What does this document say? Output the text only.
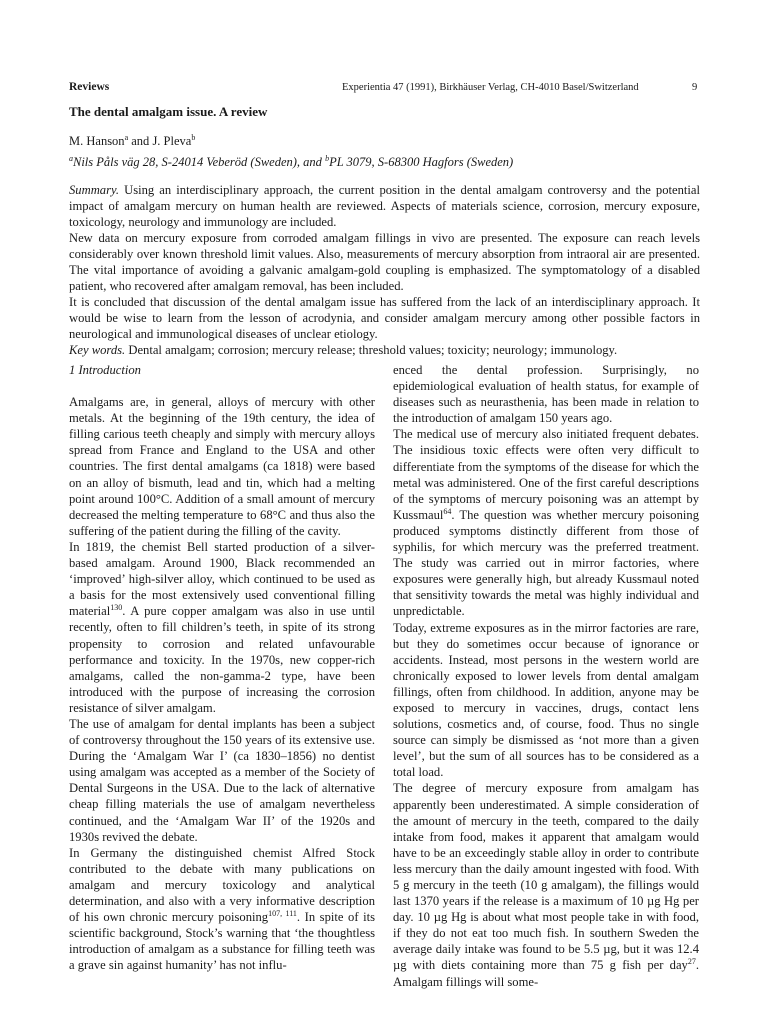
Reviews	Experientia 47 (1991), Birkhäuser Verlag, CH-4010 Basel/Switzerland	9
The dental amalgam issue. A review
M. Hanson$^a$ and J. Pleva$^b$
$^a$Nils Påls väg 28, S-24014 Veberöd (Sweden), and $^b$PL 3079, S-68300 Hagfors (Sweden)

Summary. Using an interdisciplinary approach, the current position in the dental amalgam controversy and the potential impact of amalgam mercury on human health are reviewed. Aspects of materials science, corrosion, mercury exposure, toxicology, neurology and immunology are included.

New data on mercury exposure from corroded amalgam fillings in vivo are presented. The exposure can reach levels considerably over known threshold limit values. Also, measurements of mercury absorption from intraoral air are presented. The vital importance of avoiding a galvanic amalgam-gold coupling is emphasized. The symptomatology of a disabled patient, who recovered after amalgam removal, has been included.

It is concluded that discussion of the dental amalgam issue has suffered from the lack of an interdisciplinary approach. It would be wise to learn from the lesson of acrodynia, and consider amalgam mercury among other possible factors in neurological and immunological diseases of unclear etiology.

Key words. Dental amalgam; corrosion; mercury release; threshold values; toxicity; neurology; immunology.

1 Introduction

Amalgams are, in general, alloys of mercury with other metals. At the beginning of the 19th century, the idea of filling carious teeth cheaply and simply with mercury alloys spread from France and England to the USA and other countries. The first dental amalgams (ca 1818) were based on an alloy of bismuth, lead and tin, which had a melting point around 100°C. Addition of a small amount of mercury decreased the melting temperature to 68°C and thus also the suffering of the patient during the filling of the cavity.

In 1819, the chemist Bell started production of a silver-based amalgam. Around 1900, Black recommended an ‘improved’ high-silver alloy, which continued to be used as a basis for the most extensively used conventional filling material$^{130}$. A pure copper amalgam was also in use until recently, often to fill children’s teeth, in spite of its strong propensity to corrosion and related unfavourable performance and toxicity. In the 1970s, new copper-rich amalgams, called the non-gamma-2 type, have been introduced with the purpose of increasing the corrosion resistance of silver amalgam.

The use of amalgam for dental implants has been a subject of controversy throughout the 150 years of its extensive use. During the ‘Amalgam War I’ (ca 1830–1856) no dentist using amalgam was accepted as a member of the Society of Dental Surgeons in the USA. Due to the lack of alternative cheap filling materials the use of amalgam nevertheless continued, and the ‘Amalgam War II’ of the 1920s and 1930s revived the debate.

In Germany the distinguished chemist Alfred Stock contributed to the debate with many publications on amalgam and mercury toxicology and analytical determination, and also with a very informative description of his own chronic mercury poisoning$^{107, 111}$. In spite of its scientific background, Stock’s warning that ‘the thoughtless introduction of amalgam as a substance for filling teeth was a grave sin against humanity’ has not influ-

enced the dental profession. Surprisingly, no epidemiological evaluation of health status, for example of diseases such as neurasthenia, has been made in relation to the introduction of amalgam 150 years ago.

The medical use of mercury also initiated frequent debates. The insidious toxic effects were often very difficult to differentiate from the symptoms of the disease for which the metal was administered. One of the first careful descriptions of the symptoms of mercury poisoning was an attempt by Kussmaul$^{64}$. The question was whether mercury poisoning produced symptoms distinctly different from those of syphilis, for which mercury was the preferred treatment. The study was carried out in mirror factories, where exposures were generally high, but already Kussmaul noted that sensitivity towards the metal was highly individual and unpredictable.

Today, extreme exposures as in the mirror factories are rare, but they do sometimes occur because of ignorance or accidents. Instead, most persons in the western world are chronically exposed to lower levels from dental amalgam fillings, often from childhood. In addition, anyone may be exposed to mercury in vaccines, drugs, contact lens solutions, cosmetics and, of course, food. Thus no single source can simply be dismissed as ‘not more than a given level’, but the sum of all sources has to be considered as a total load.

The degree of mercury exposure from amalgam has apparently been underestimated. A simple consideration of the amount of mercury in the teeth, compared to the daily intake from food, makes it apparent that amalgam would have to be an exceedingly stable alloy in order to contribute less mercury than the daily amount ingested with food. With 5 g mercury in the teeth (10 g amalgam), the fillings would last 1370 years if the release is a maximum of 10 µg Hg per day. 10 µg Hg is about what most people take in with food, if they do not eat too much fish. In southern Sweden the average daily intake was found to be 5.5 µg, but it was 12.4 µg with diets containing more than 75 g fish per day$^{27}$. Amalgam fillings will some-
